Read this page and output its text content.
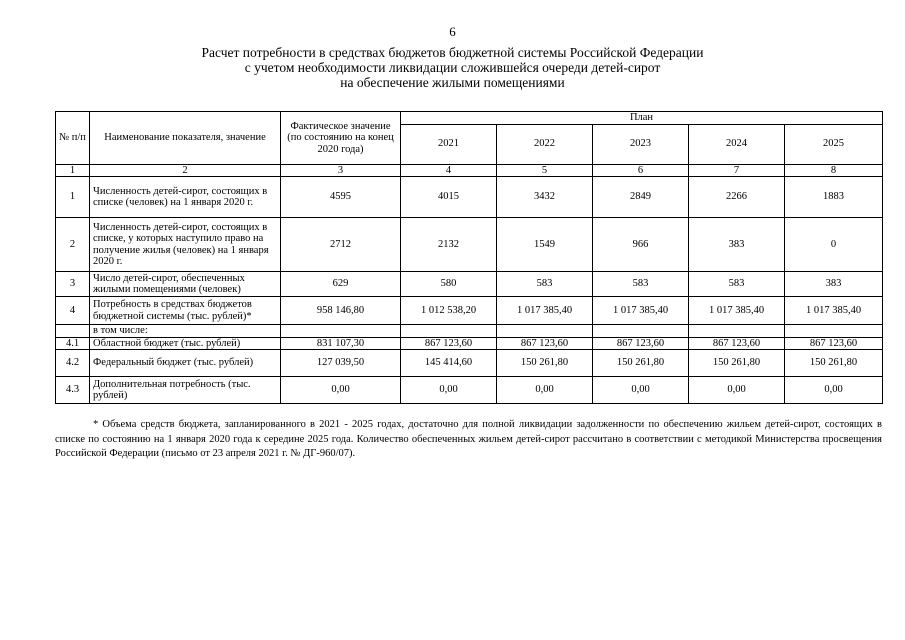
6
Расчет потребности в средствах бюджетов бюджетной системы Российской Федерации
с учетом необходимости ликвидации сложившейся очереди детей-сирот
на обеспечение жилыми помещениями
№ п/п	Наименование показателя, значение	Фактическое значение (по состоянию на конец 2020 года)	План				
			2021	2022	2023	2024	2025
1	2	3	4	5	6	7	8
1	Численность детей-сирот, состоящих в списке (человек) на 1 января 2020 г.	4595	4015	3432	2849	2266	1883
2	Численность детей-сирот, состоящих в списке, у которых наступило право на получение жилья (человек) на 1 января 2020 г.	2712	2132	1549	966	383	0
3	Число детей-сирот, обеспеченных жилыми помещениями (человек)	629	580	583	583	583	383
4	Потребность в средствах бюджетов бюджетной системы (тыс. рублей)*	958 146,80	1 012 538,20	1 017 385,40	1 017 385,40	1 017 385,40	1 017 385,40
	в том числе:						
4.1	Областной бюджет (тыс. рублей)	831 107,30	867 123,60	867 123,60	867 123,60	867 123,60	867 123,60
4.2	Федеральный бюджет (тыс. рублей)	127 039,50	145 414,60	150 261,80	150 261,80	150 261,80	150 261,80
4.3	Дополнительная потребность (тыс. рублей)	0,00	0,00	0,00	0,00	0,00	0,00
* Объема средств бюджета, запланированного в 2021 - 2025 годах, достаточно для полной ликвидации задолженности по обеспечению жильем детей-сирот, состоящих в списке по состоянию на 1 января 2020 года к середине 2025 года. Количество обеспеченных жильем детей-сирот рассчитано в соответствии с методикой Министерства просвещения Российской Федерации (письмо от 23 апреля 2021 г. № ДГ-960/07).
